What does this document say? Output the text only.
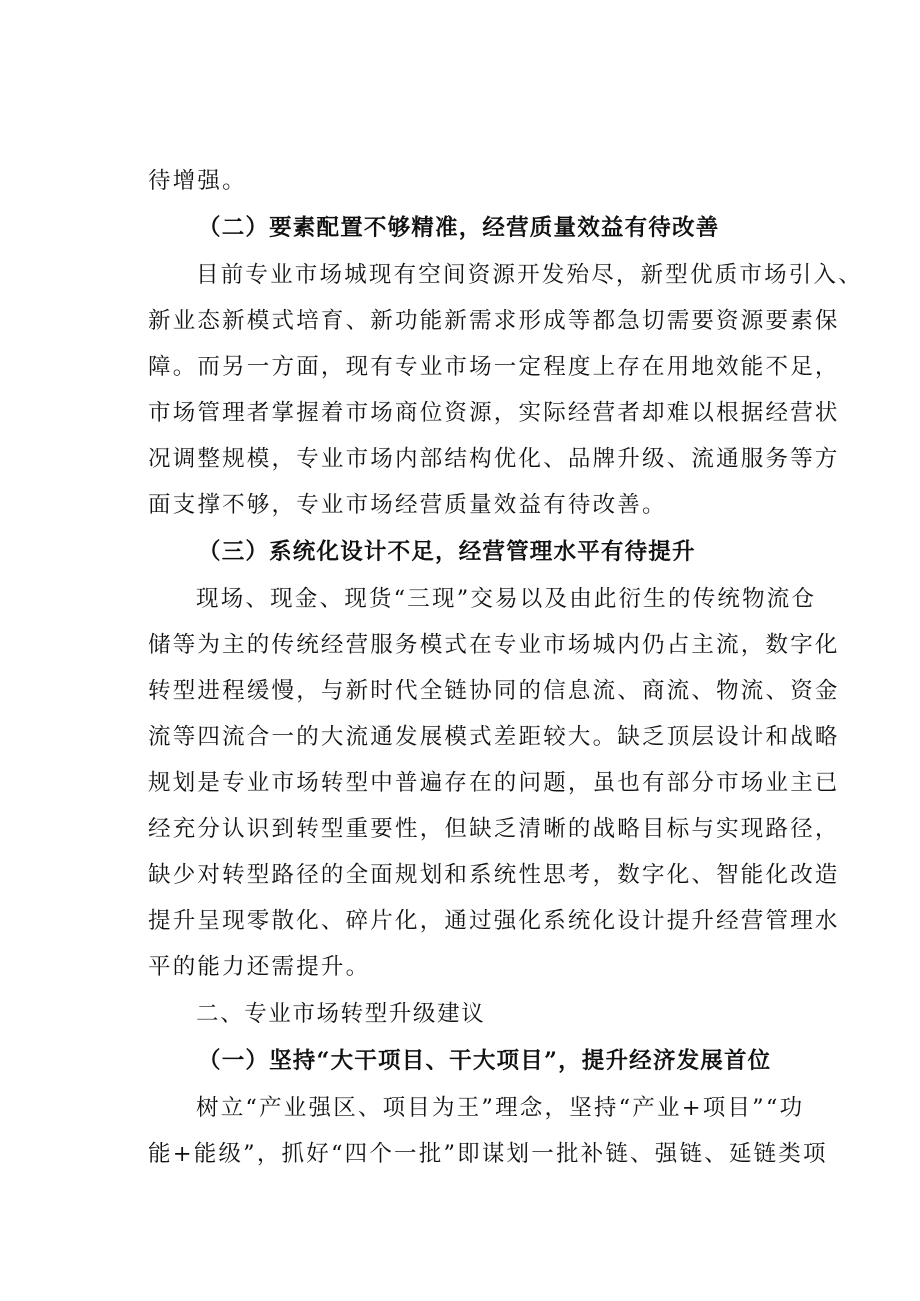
待增强。
（二）要素配置不够精准，经营质量效益有待改善
目前专业市场城现有空间资源开发殆尽，新型优质市场引入、
新业态新模式培育、新功能新需求形成等都急切需要资源要素保
障。而另一方面，现有专业市场一定程度上存在用地效能不足，
市场管理者掌握着市场商位资源，实际经营者却难以根据经营状
况调整规模，专业市场内部结构优化、品牌升级、流通服务等方
面支撑不够，专业市场经营质量效益有待改善。
（三）系统化设计不足，经营管理水平有待提升
现场、现金、现货“三现”交易以及由此衍生的传统物流仓
储等为主的传统经营服务模式在专业市场城内仍占主流，数字化
转型进程缓慢，与新时代全链协同的信息流、商流、物流、资金
流等四流合一的大流通发展模式差距较大。缺乏顶层设计和战略
规划是专业市场转型中普遍存在的问题，虽也有部分市场业主已
经充分认识到转型重要性，但缺乏清晰的战略目标与实现路径，
缺少对转型路径的全面规划和系统性思考，数字化、智能化改造
提升呈现零散化、碎片化，通过强化系统化设计提升经营管理水
平的能力还需提升。
二、专业市场转型升级建议
（一）坚持“大干项目、干大项目”，提升经济发展首位
树立“产业强区、项目为王”理念，坚持“产业+项目”“功
能+能级”，抓好“四个一批”即谋划一批补链、强链、延链类项
